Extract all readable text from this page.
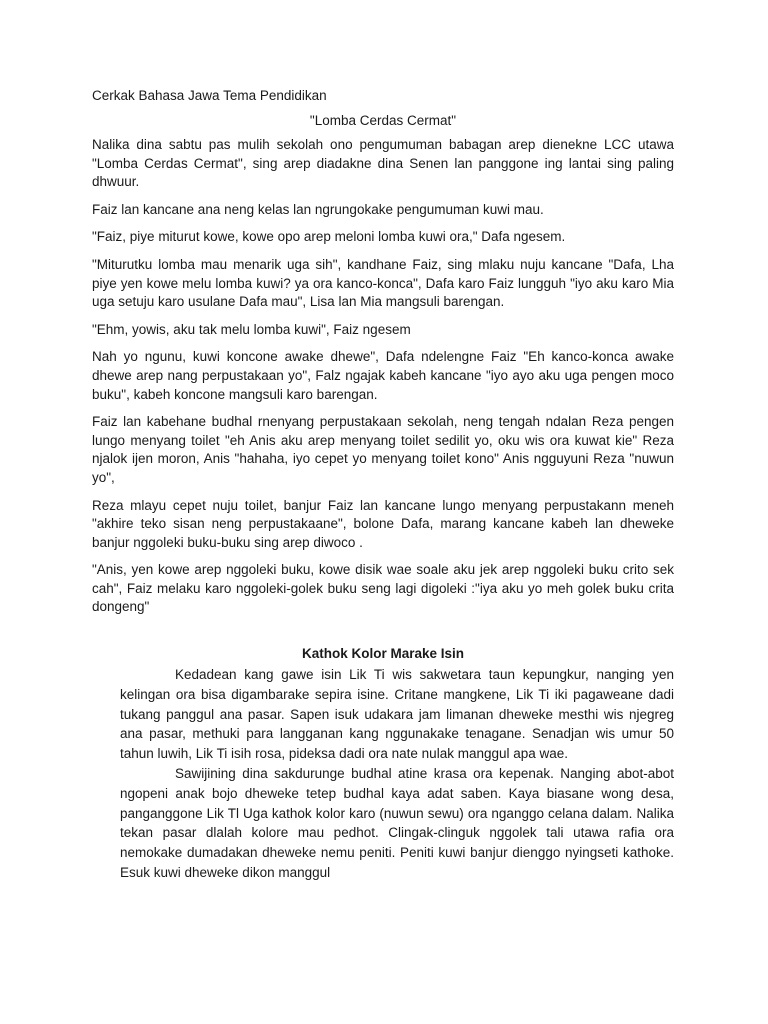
Cerkak Bahasa Jawa Tema Pendidikan
"Lomba Cerdas Cermat"

Nalika dina sabtu pas mulih sekolah ono pengumuman babagan arep dienekne LCC utawa "Lomba Cerdas Cermat", sing arep diadakne dina Senen lan panggone ing lantai sing paling dhwuur.

Faiz lan kancane ana neng kelas lan ngrungokake pengumuman kuwi mau.

"Faiz, piye miturut kowe, kowe opo arep meloni lomba kuwi ora," Dafa ngesem.

"Miturutku lomba mau menarik uga sih", kandhane Faiz, sing mlaku nuju kancane "Dafa, Lha piye yen kowe melu lomba kuwi? ya ora kanco-konca", Dafa karo Faiz lungguh "iyo aku karo Mia uga setuju karo usulane Dafa mau", Lisa lan Mia mangsuli barengan.

"Ehm, yowis, aku tak melu lomba kuwi", Faiz ngesem

Nah yo ngunu, kuwi koncone awake dhewe", Dafa ndelengne Faiz "Eh kanco-konca awake dhewe arep nang perpustakaan yo", Falz ngajak kabeh kancane "iyo ayo aku uga pengen moco buku", kabeh koncone mangsuli karo barengan.

Faiz lan kabehane budhal rnenyang perpustakaan sekolah, neng tengah ndalan Reza pengen lungo menyang toilet "eh Anis aku arep menyang toilet sedilit yo, oku wis ora kuwat kie" Reza njalok ijen moron, Anis "hahaha, iyo cepet yo menyang toilet kono" Anis ngguyuni Reza "nuwun yo",

Reza mlayu cepet nuju toilet, banjur Faiz lan kancane lungo menyang perpustakann meneh "akhire teko sisan neng perpustakaane", bolone Dafa, marang kancane kabeh lan dheweke banjur nggoleki buku-buku sing arep diwoco .

"Anis, yen kowe arep nggoleki buku, kowe disik wae soale aku jek arep nggoleki buku crito sek cah", Faiz melaku karo nggoleki-golek buku seng lagi digoleki :"iya aku yo meh golek buku crita dongeng"

Kathok Kolor Marake Isin

Kedadean kang gawe isin Lik Ti wis sakwetara taun kepungkur, nanging yen kelingan ora bisa digambarake sepira isine. Critane mangkene, Lik Ti iki pagaweane dadi tukang panggul ana pasar. Sapen isuk udakara jam limanan dheweke mesthi wis njegreg ana pasar, methuki para langganan kang nggunakake tenagane. Senadjan wis umur 50 tahun luwih, Lik Ti isih rosa, pideksa dadi ora nate nulak manggul apa wae.

Sawijining dina sakdurunge budhal atine krasa ora kepenak. Nanging abot-abot ngopeni anak bojo dheweke tetep budhal kaya adat saben. Kaya biasane wong desa, panganggone Lik Tl Uga kathok kolor karo (nuwun sewu) ora nganggo celana dalam. Nalika tekan pasar dlalah kolore mau pedhot. Clingak-clinguk nggolek tali utawa rafia ora nemokake dumadakan dheweke nemu peniti. Peniti kuwi banjur dienggo nyingseti kathoke. Esuk kuwi dheweke dikon manggul
